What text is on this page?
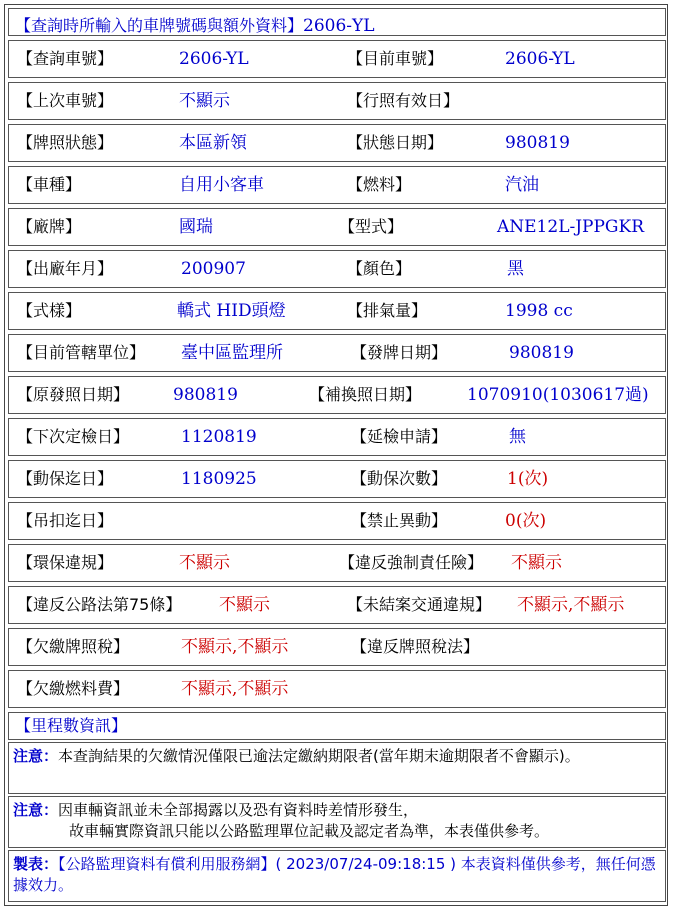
【查詢時所輸入的車牌號碼與額外資料】2606-YL
【查詢車號】	2606-YL	【目前車號】	2606-YL
【上次車號】	不顯示	【行照有效日】
【牌照狀態】	本區新領	【狀態日期】	980819
【車種】	自用小客車	【燃料】	汽油
【廠牌】	國瑞	【型式】	ANE12L-JPPGKR
【出廠年月】	200907	【顏色】	黑
【式樣】	轎式 HID頭燈	【排氣量】	1998 cc
【目前管轄單位】 臺中區監理所	【發牌日期】	980819
【原發照日期】	980819	【補換照日期】	1070910(1030617過)
【下次定檢日】	1120819	【延檢申請】	無
【動保迄日】	1180925	【動保次數】	1(次)
【吊扣迄日】	【禁止異動】	0(次)
【環保違規】	不顯示	【違反強制責任險】 不顯示
【違反公路法第75條】 不顯示	【未結案交通違規】 不顯示,不顯示
【欠繳牌照稅】	不顯示,不顯示	【違反牌照稅法】
【欠繳燃料費】	不顯示,不顯示
【里程數資訊】
注意：本查詢結果的欠繳情況僅限已逾法定繳納期限者(當年期末逾期限者不會顯示)。
注意：因車輛資訊並未全部揭露以及恐有資料時差情形發生，
故車輛實際資訊只能以公路監理單位記載及認定者為準，本表僅供參考。
製表：【公路監理資料有償利用服務網】( 2023/07/24-09:18:15 ) 本表資料僅供參考，無任何憑據效力。
